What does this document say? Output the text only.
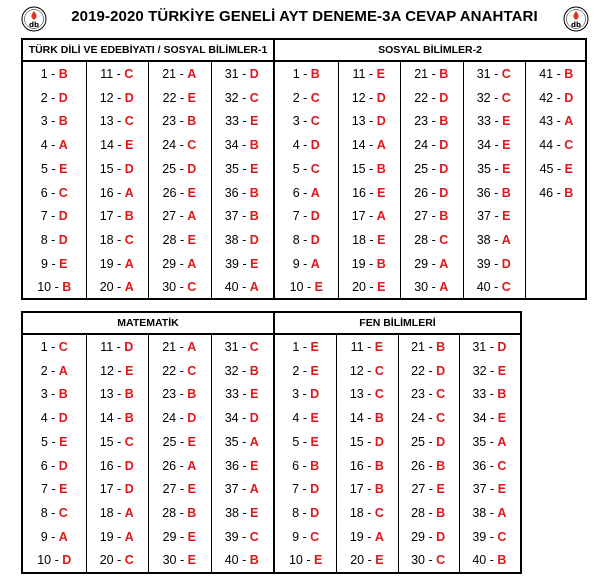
2019-2020 TÜRKİYE GENELİ AYT DENEME-3A CEVAP ANAHTARI
db	db
TÜRK DİLİ VE EDEBİYATI / SOSYAL BİLİMLER-1
1 - B
2 - D
3 - B
4 - A
5 - E
6 - C
7 - D
8 - D
9 - E
10 - B
11 - C
12 - D
13 - C
14 - E
15 - D
16 - A
17 - B
18 - C
19 - A
20 - A
21 - A
22 - E
23 - B
24 - C
25 - D
26 - E
27 - A
28 - E
29 - A
30 - C
31 - D
32 - C
33 - E
34 - B
35 - E
36 - B
37 - B
38 - D
39 - E
40 - A
SOSYAL BİLİMLER-2
1 - B
2 - C
3 - C
4 - D
5 - C
6 - A
7 - D
8 - D
9 - A
10 - E
11 - E
12 - D
13 - D
14 - A
15 - B
16 - E
17 - A
18 - E
19 - B
20 - E
21 - B
22 - D
23 - B
24 - D
25 - D
26 - D
27 - B
28 - C
29 - A
30 - A
31 - C
32 - C
33 - E
34 - E
35 - E
36 - B
37 - E
38 - A
39 - D
40 - C
41 - B
42 - D
43 - A
44 - C
45 - E
46 - B
MATEMATİK
1 - C
2 - A
3 - B
4 - D
5 - E
6 - D
7 - E
8 - C
9 - A
10 - D
11 - D
12 - E
13 - B
14 - B
15 - C
16 - D
17 - D
18 - A
19 - A
20 - C
21 - A
22 - C
23 - B
24 - D
25 - E
26 - A
27 - E
28 - B
29 - E
30 - E
31 - C
32 - B
33 - E
34 - D
35 - A
36 - E
37 - A
38 - E
39 - C
40 - B
FEN BİLİMLERİ
1 - E
2 - E
3 - D
4 - E
5 - E
6 - B
7 - D
8 - D
9 - C
10 - E
11 - E
12 - C
13 - C
14 - B
15 - D
16 - B
17 - B
18 - C
19 - A
20 - E
21 - B
22 - D
23 - C
24 - C
25 - D
26 - B
27 - E
28 - B
29 - D
30 - C
31 - D
32 - E
33 - B
34 - E
35 - A
36 - C
37 - E
38 - A
39 - C
40 - B
